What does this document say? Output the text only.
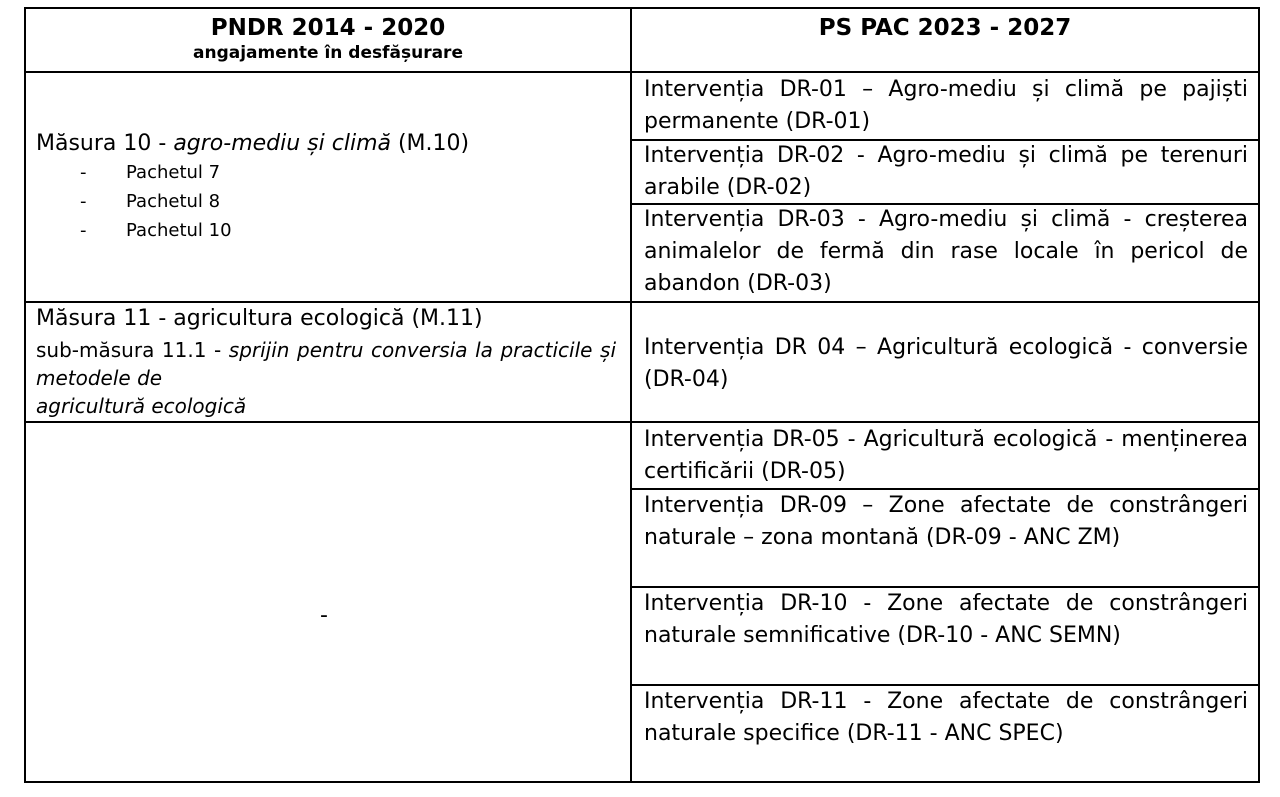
PNDR 2014 - 2020
angajamente în desfășurare
PS PAC 2023 - 2027
Măsura 10 - agro-mediu și climă (M.10)
- Pachetul 7
- Pachetul 8
- Pachetul 10
Măsura 11 - agricultura ecologică (M.11)
sub-măsura 11.1 - sprijin pentru conversia la practicile și metodele de
agricultură ecologică
-
Intervenția DR-01 – Agro-mediu și climă pe pajiști permanente (DR-01)
Intervenția DR-02 - Agro-mediu și climă pe terenuri arabile (DR-02)
Intervenția DR-03 - Agro-mediu și climă - creșterea animalelor de fermă din rase locale în pericol de abandon (DR-03)
Intervenția DR 04 – Agricultură ecologică - conversie (DR-04)
Intervenția DR-05 - Agricultură ecologică - menținerea certificării (DR-05)
Intervenția DR-09 – Zone afectate de constrângeri naturale – zona montană (DR-09 - ANC ZM)
Intervenția DR-10 - Zone afectate de constrângeri naturale semnificative (DR-10 - ANC SEMN)
Intervenția DR-11 - Zone afectate de constrângeri naturale specifice (DR-11 - ANC SPEC)
